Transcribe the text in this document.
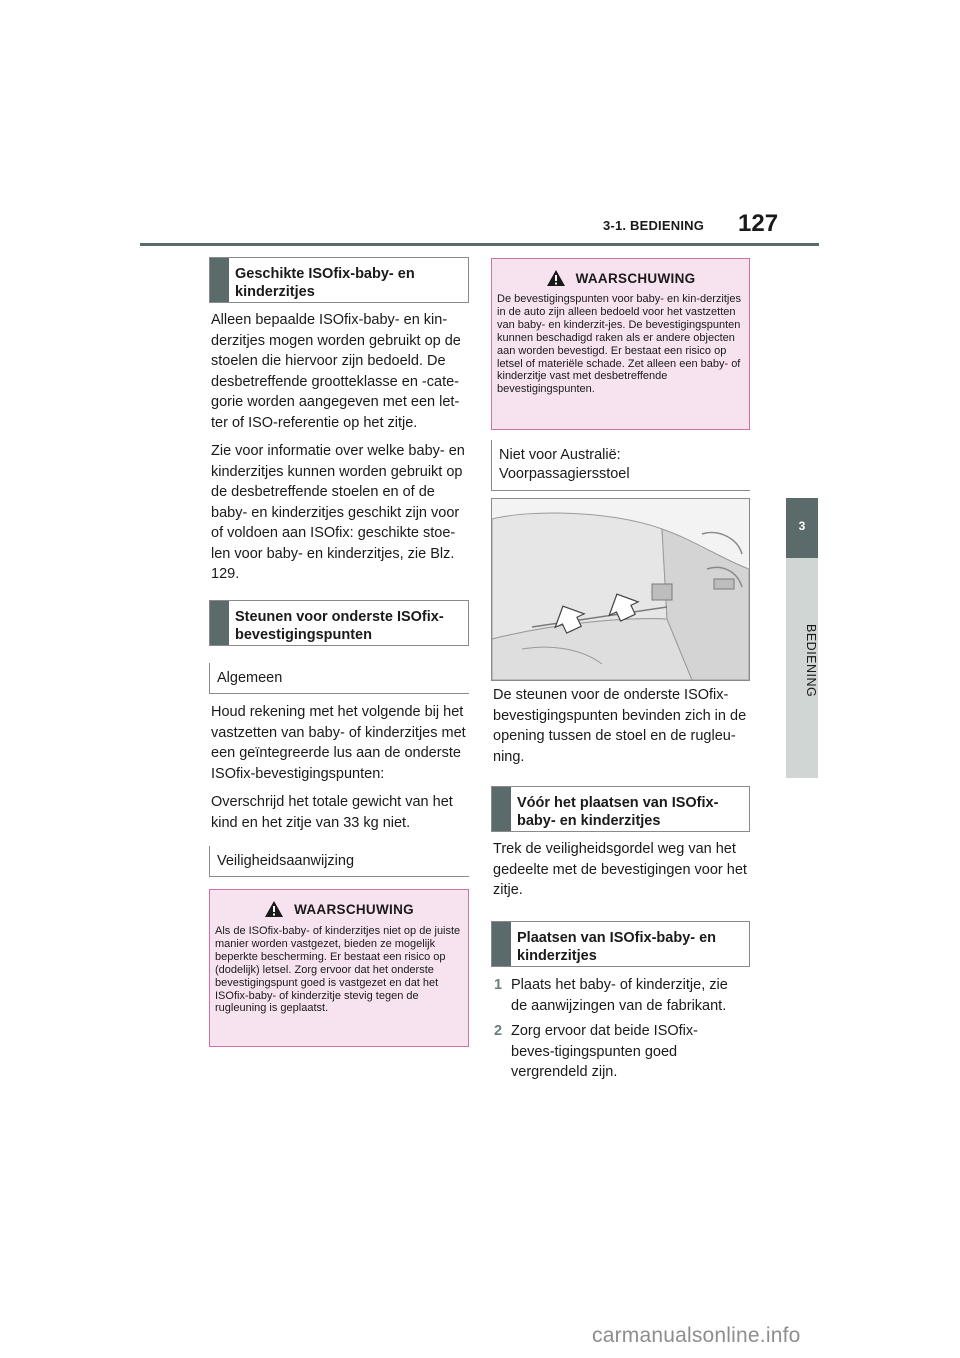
3-1. BEDIENING 127
3
BEDIENING
Geschikte ISOfix-baby- en kinderzitjes

Alleen bepaalde ISOfix-baby- en kin-derzitjes mogen worden gebruikt op de stoelen die hiervoor zijn bedoeld. De desbetreffende grootteklasse en -cate-gorie worden aangegeven met een let-ter of ISO-referentie op het zitje.

Zie voor informatie over welke baby- en kinderzitjes kunnen worden gebruikt op de desbetreffende stoelen en of de baby- en kinderzitjes geschikt zijn voor of voldoen aan ISOfix: geschikte stoe-len voor baby- en kinderzitjes, zie Blz. 129.

Steunen voor onderste ISOfix-bevestigingspunten
Algemeen

Houd rekening met het volgende bij het vastzetten van baby- of kinderzitjes met een geïntegreerde lus aan de onderste ISOfix-bevestigingspunten:

Overschrijd het totale gewicht van het kind en het zitje van 33 kg niet.

Veiligheidsaanwijzing
WAARSCHUWING
Als de ISOfix-baby- of kinderzitjes niet op de juiste manier worden vastgezet, bieden ze mogelijk beperkte bescherming. Er bestaat een risico op (dodelijk) letsel. Zorg ervoor dat het onderste bevestigingspunt goed is vastgezet en dat het ISOfix-baby- of kinderzitje stevig tegen de rugleuning is geplaatst.
WAARSCHUWING
De bevestigingspunten voor baby- en kin-derzitjes in de auto zijn alleen bedoeld voor het vastzetten van baby- en kinderzit-jes. De bevestigingspunten kunnen beschadigd raken als er andere objecten aan worden bevestigd. Er bestaat een risico op letsel of materiële schade. Zet alleen een baby- of kinderzitje vast met desbetreffende bevestigingspunten.
Niet voor Australië: Voorpassagiersstoel

De steunen voor de onderste ISOfix-bevestigingspunten bevinden zich in de opening tussen de stoel en de rugleu-ning.

Vóór het plaatsen van ISOfix-baby- en kinderzitjes

Trek de veiligheidsgordel weg van het gedeelte met de bevestigingen voor het zitje.

Plaatsen van ISOfix-baby- en kinderzitjes
1 Plaats het baby- of kinderzitje, zie de aanwijzingen van de fabrikant.
2 Zorg ervoor dat beide ISOfix-beves-tigingspunten goed vergrendeld zijn.
carmanualsonline.info
